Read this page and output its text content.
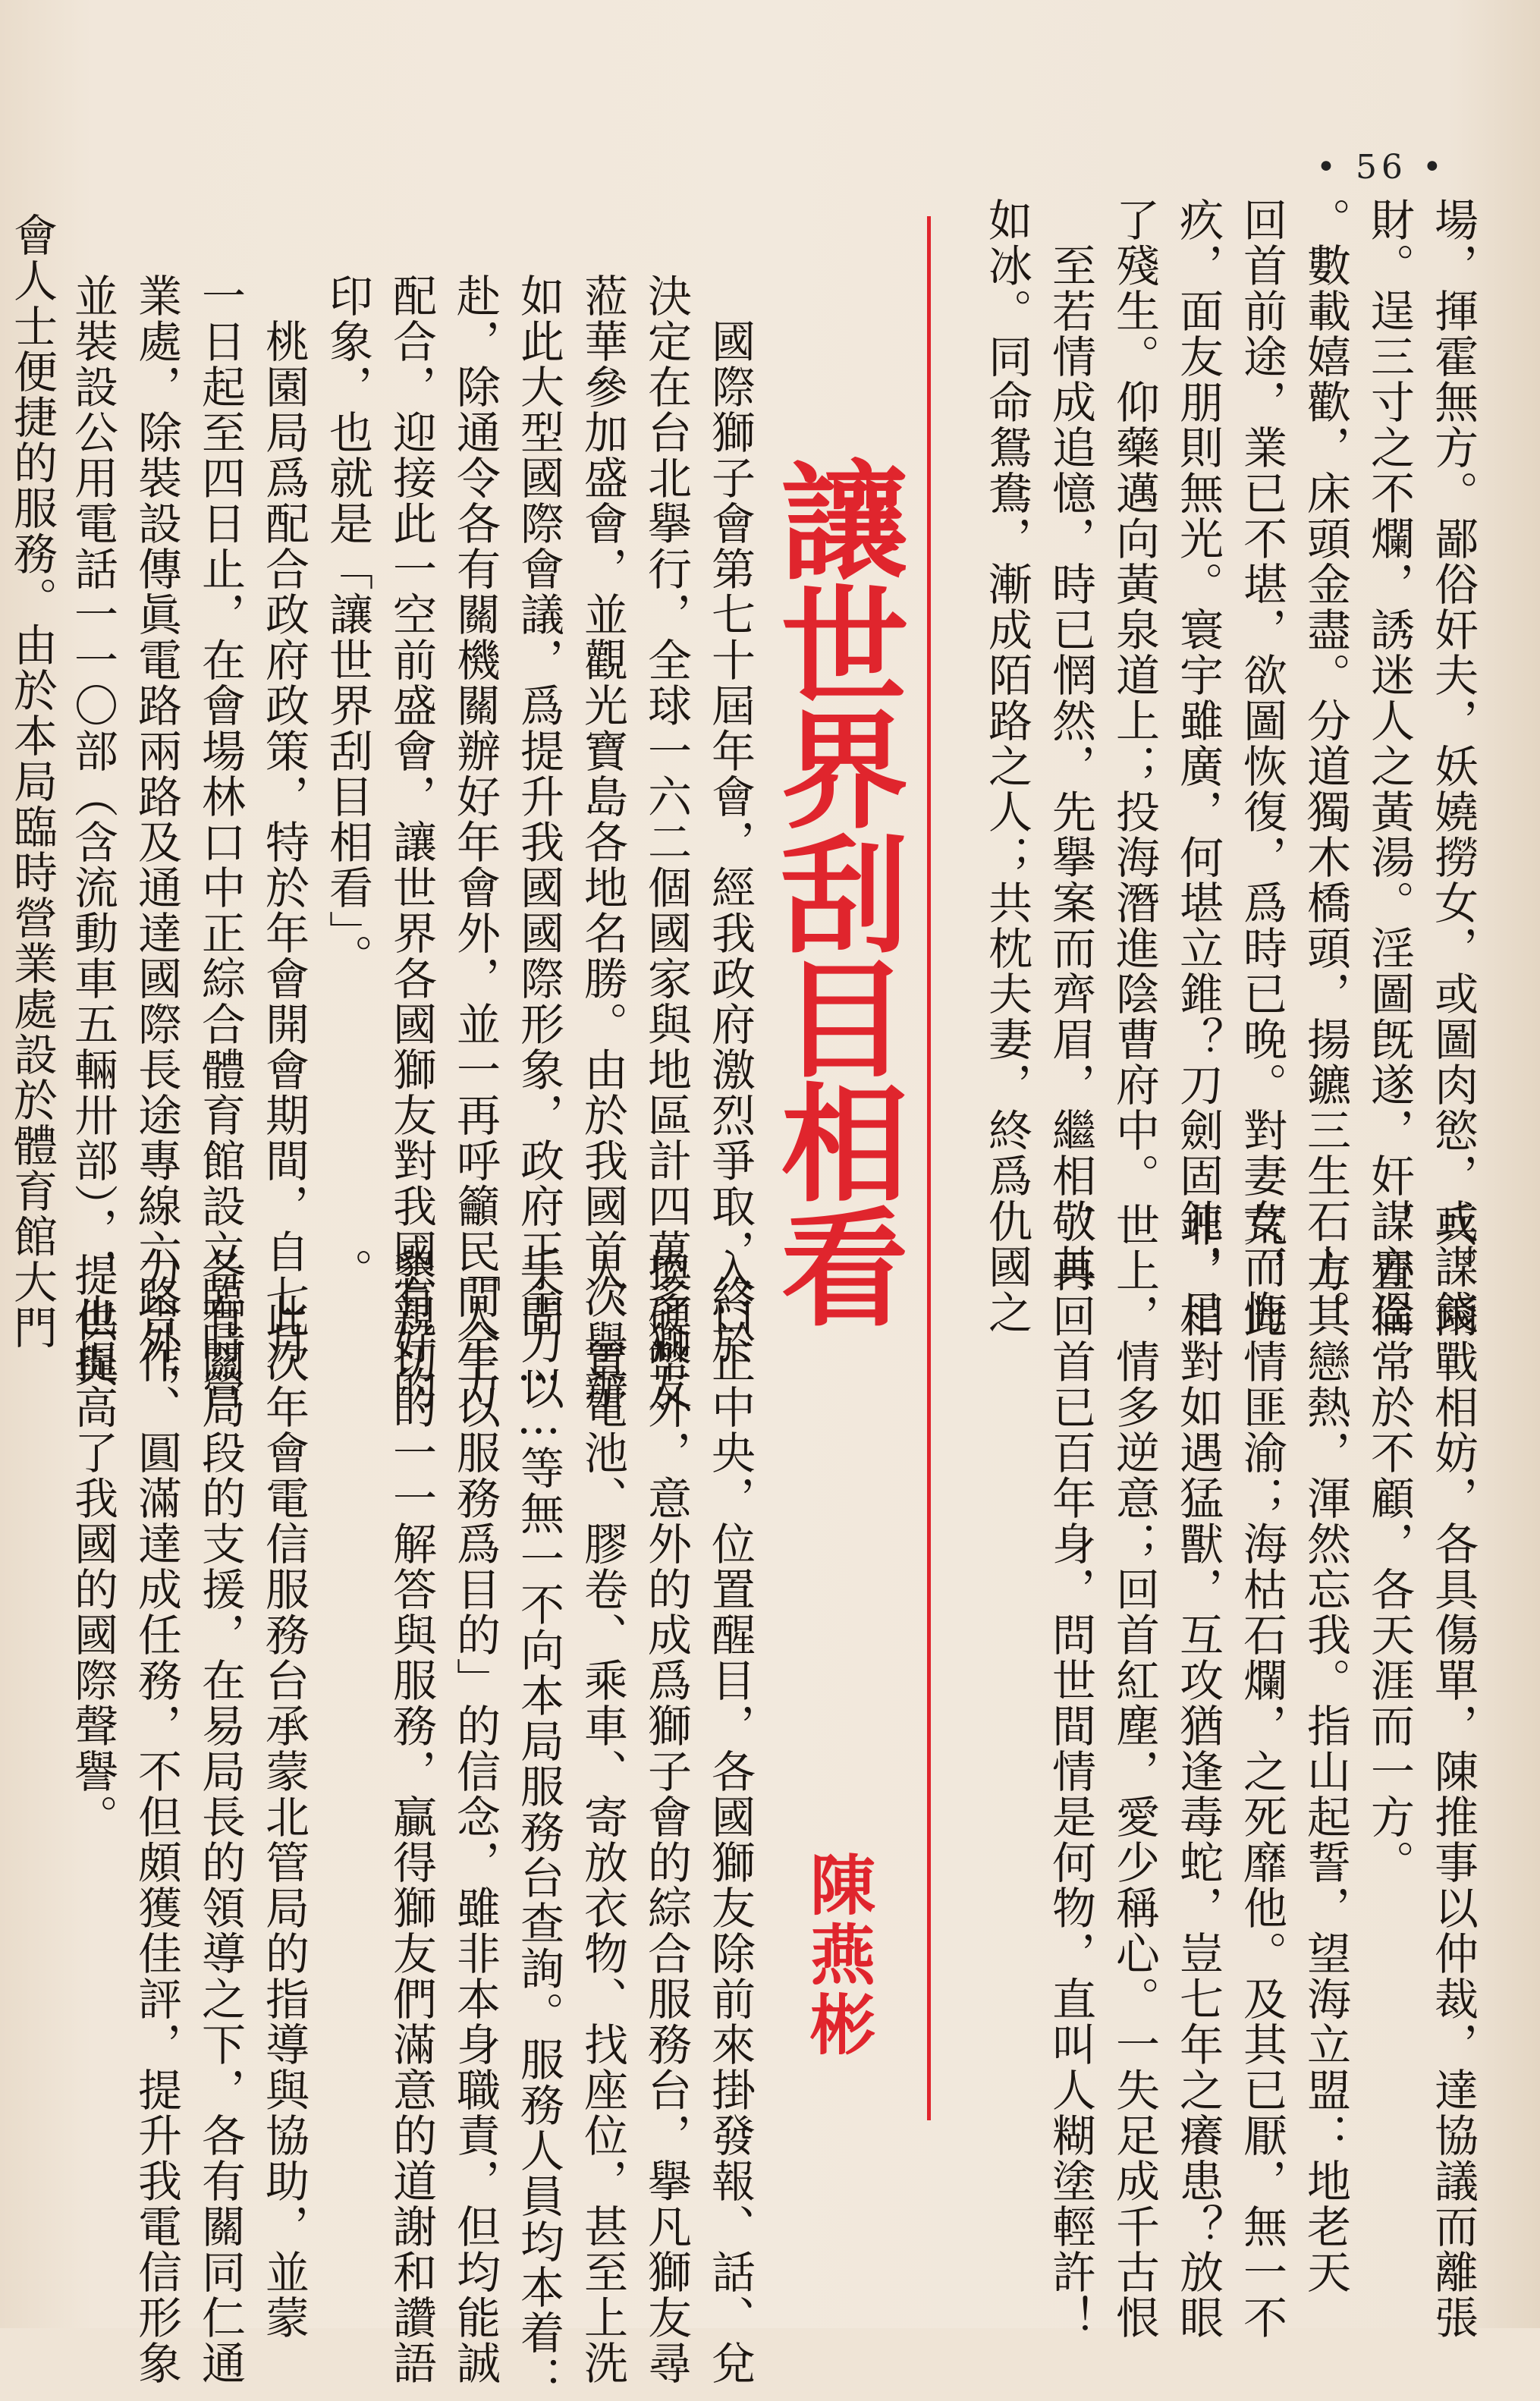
• 56 •
場，揮霍無方。鄙俗奸夫，妖嬈撈女，或圖肉慾，或謀錢
財。逞三寸之不爛，誘迷人之黃湯。淫圖旣遂，奸謀亦逞
。數載嬉歡，床頭金盡。分道獨木橋頭，揚鑣三生石上。
回首前途，業已不堪，欲圖恢復，爲時已晚。對妻女而悔
疚，面友朋則無光。寰宇雖廣，何堪立錐？刀劍固鈍，足
了殘生。仰藥邁向黃泉道上；投海潛進陰曹府中。
　至若情成追憶，時已惘然，先擧案而齊眉，繼相敬其
如冰。同命鴛鴦，漸成陌路之人；共枕夫妻，終爲仇國之
兵。兩戰相妨，各具傷單，陳推事以仲裁，達協議而離張
，置倫常於不顧，各天涯而一方。
　方其戀熱，渾然忘我。指山起誓，望海立盟：地老天
荒，此情匪渝；海枯石爛，之死靡他。及其已厭，無一不
非，相對如遇猛獸，互攻猶逢毒蛇，豈七年之癢患？放眼
世上，情多逆意；回首紅塵，愛少稱心。一失足成千古恨
，再回首已百年身，問世間情是何物，直叫人糊塗輕許！
讓世界刮目相看
陳燕彬
　國際獅子會第七十屆年會，經我政府激烈爭取，終於
決定在台北擧行，全球一六二個國家與地區計四萬多獅友
蒞華參加盛會，並觀光寶島各地名勝。由於我國首次擧辦
如此大型國際會議，爲提升我國國際形象，政府正全力以
赴，除通令各有關機關辦好年會外，並一再呼籲民間全力
配合，迎接此一空前盛會，讓世界各國獅友對我國有好的
印象，也就是「讓世界刮目相看」。
　桃園局爲配合政府政策，特於年會開會期間，自七月
一日起至四日止，在會場林口中正綜合體育館設立臨時營
業處，除裝設傳眞電路兩路及通達國際長途專線六路外，
並裝設公用電話一一〇部（含流動車五輛卅部），提供與
會人士便捷的服務。由於本局臨時營業處設於體育館大門
入口正中央，位置醒目，各國獅友除前來掛發報、話、兌
換硬幣外，意外的成爲獅子會的綜合服務台，擧凡獅友尋
人、買電池、膠卷、乘車、寄放衣物、找座位，甚至上洗
手間……等無一不向本局服務台查詢。服務人員均本着：
「人生以服務爲目的」的信念，雖非本身職責，但均能誠
懇親切的一一解答與服務，贏得獅友們滿意的道謝和讚語
。
　此次年會電信服務台承蒙北管局的指導與協助，並蒙
各有關局段的支援，在易局長的領導之下，各有關同仁通
力合作、圓滿達成任務，不但頗獲佳評，提升我電信形象
，也提高了我國的國際聲譽。
